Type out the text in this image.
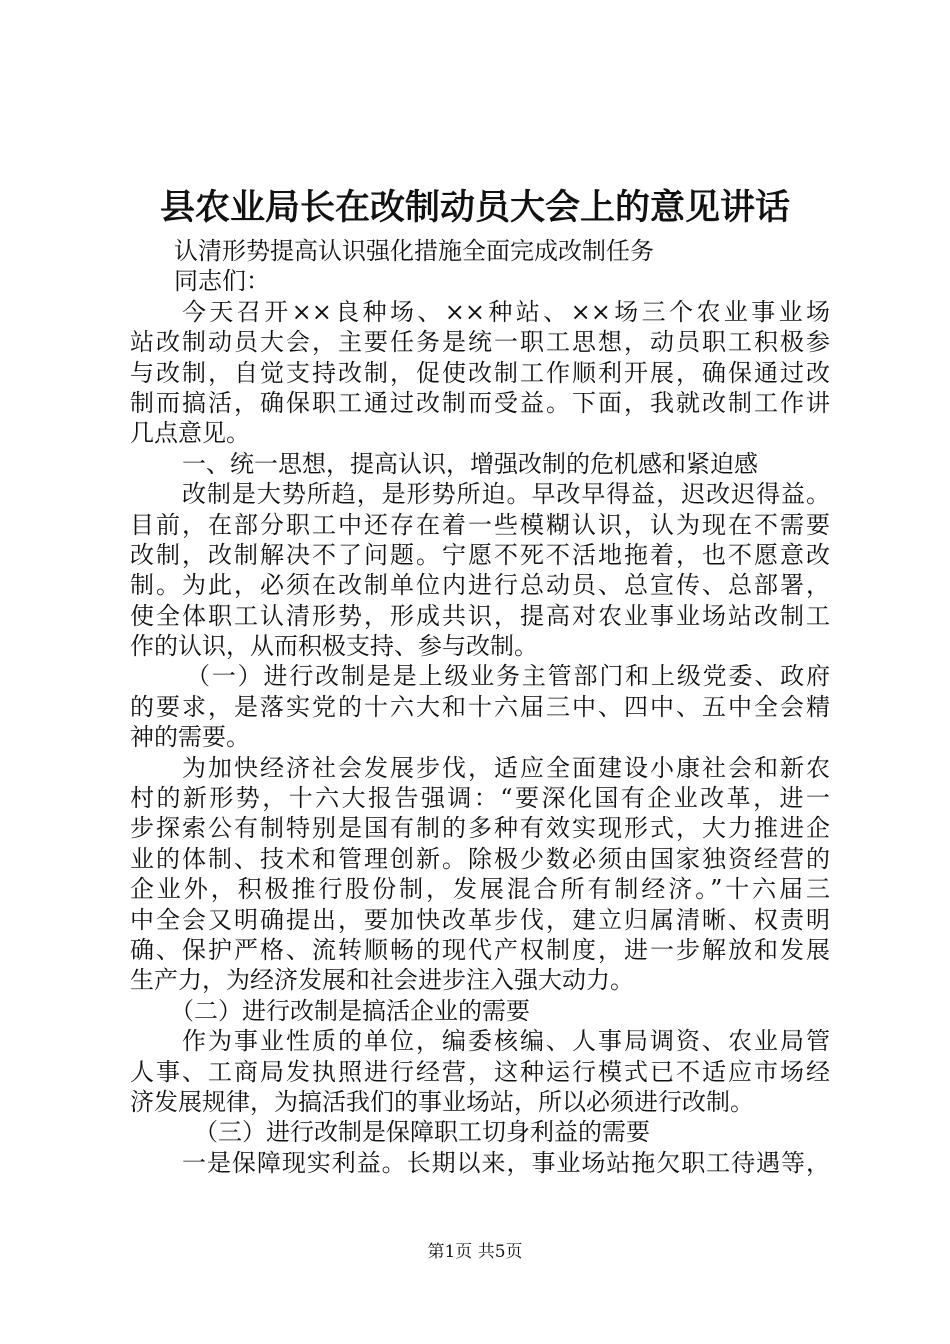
县农业局长在改制动员大会上的意见讲话
认清形势提高认识强化措施全面完成改制任务
同志们：
今天召开××良种场、××种站、××场三个农业事业场
站改制动员大会，主要任务是统一职工思想，动员职工积极参
与改制，自觉支持改制，促使改制工作顺利开展，确保通过改
制而搞活，确保职工通过改制而受益。下面，我就改制工作讲
几点意见。
一、统一思想，提高认识，增强改制的危机感和紧迫感
改制是大势所趋，是形势所迫。早改早得益，迟改迟得益。
目前，在部分职工中还存在着一些模糊认识，认为现在不需要
改制，改制解决不了问题。宁愿不死不活地拖着，也不愿意改
制。为此，必须在改制单位内进行总动员、总宣传、总部署，
使全体职工认清形势，形成共识，提高对农业事业场站改制工
作的认识，从而积极支持、参与改制。
（一）进行改制是是上级业务主管部门和上级党委、政府
的要求，是落实党的十六大和十六届三中、四中、五中全会精
神的需要。
为加快经济社会发展步伐，适应全面建设小康社会和新农
村的新形势，十六大报告强调：“要深化国有企业改革，进一
步探索公有制特别是国有制的多种有效实现形式，大力推进企
业的体制、技术和管理创新。除极少数必须由国家独资经营的
企业外，积极推行股份制，发展混合所有制经济。”十六届三
中全会又明确提出，要加快改革步伐，建立归属清晰、权责明
确、保护严格、流转顺畅的现代产权制度，进一步解放和发展
生产力，为经济发展和社会进步注入强大动力。
（二）进行改制是搞活企业的需要
作为事业性质的单位，编委核编、人事局调资、农业局管
人事、工商局发执照进行经营，这种运行模式已不适应市场经
济发展规律，为搞活我们的事业场站，所以必须进行改制。
（三）进行改制是保障职工切身利益的需要
一是保障现实利益。长期以来，事业场站拖欠职工待遇等，
第1页 共5页
